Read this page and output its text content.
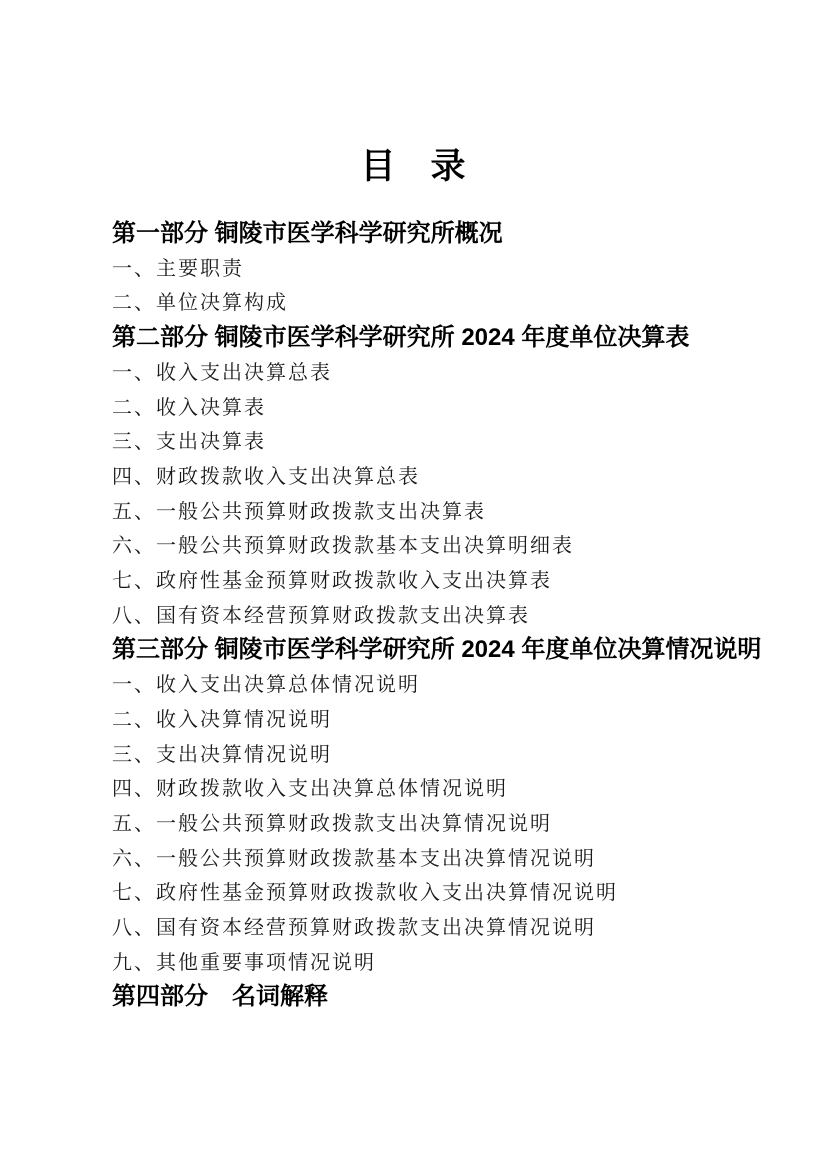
目　录
第一部分 铜陵市医学科学研究所概况
一、主要职责
二、单位决算构成
第二部分 铜陵市医学科学研究所 2024 年度单位决算表
一、收入支出决算总表
二、收入决算表
三、支出决算表
四、财政拨款收入支出决算总表
五、一般公共预算财政拨款支出决算表
六、一般公共预算财政拨款基本支出决算明细表
七、政府性基金预算财政拨款收入支出决算表
八、国有资本经营预算财政拨款支出决算表
第三部分 铜陵市医学科学研究所 2024 年度单位决算情况说明
一、收入支出决算总体情况说明
二、收入决算情况说明
三、支出决算情况说明
四、财政拨款收入支出决算总体情况说明
五、一般公共预算财政拨款支出决算情况说明
六、一般公共预算财政拨款基本支出决算情况说明
七、政府性基金预算财政拨款收入支出决算情况说明
八、国有资本经营预算财政拨款支出决算情况说明
九、其他重要事项情况说明
第四部分　名词解释
